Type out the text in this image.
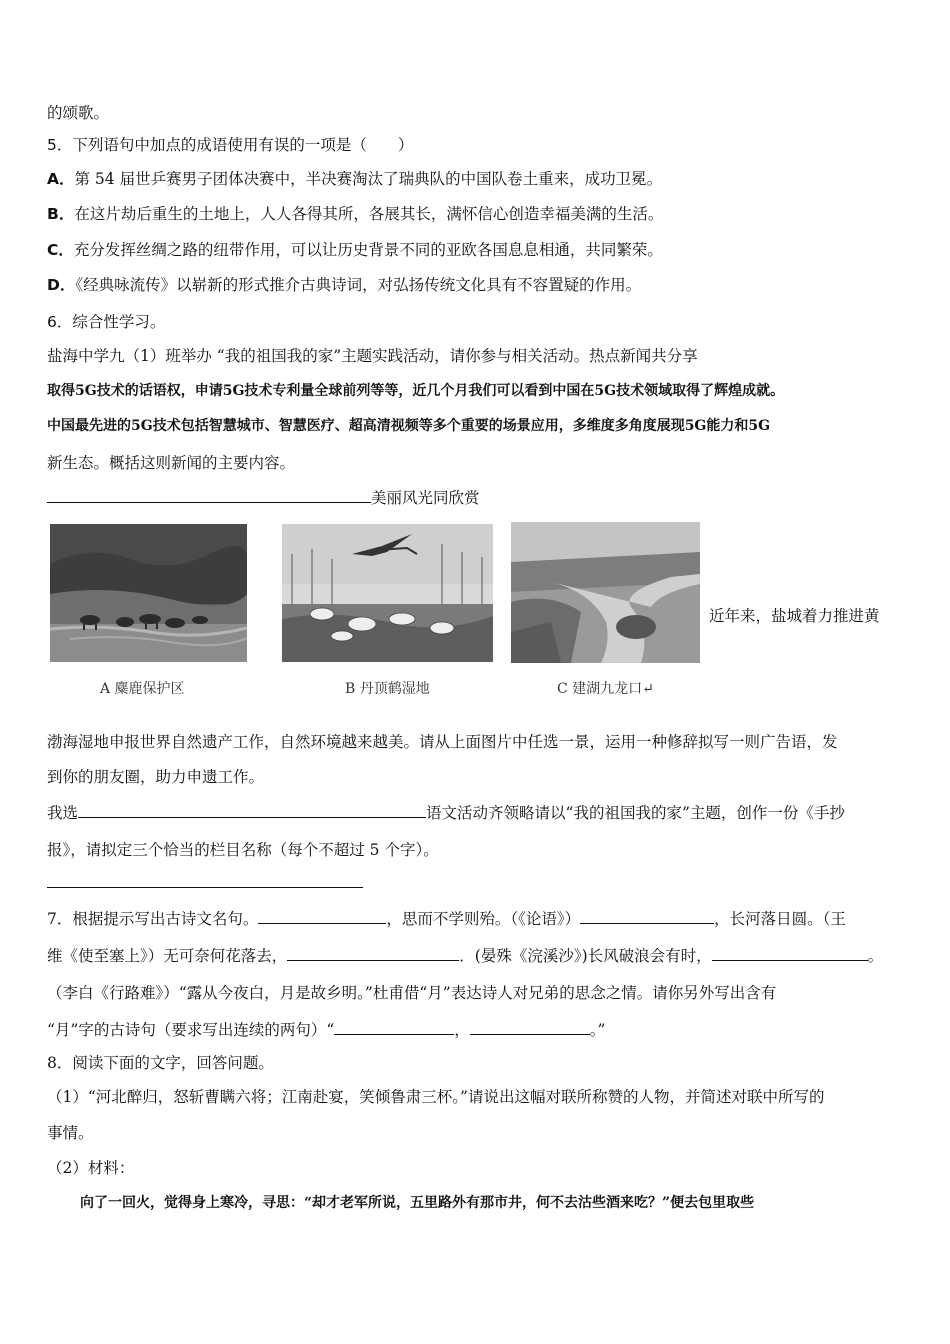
的颂歌。
5．下列语句中加点的成语使用有误的一项是（　　）
A．第 54 届世乒赛男子团体决赛中，半决赛淘汰了瑞典队的中国队卷土重来，成功卫冕。
B．在这片劫后重生的土地上，人人各得其所，各展其长，满怀信心创造幸福美满的生活。
C．充分发挥丝绸之路的纽带作用，可以让历史背景不同的亚欧各国息息相通，共同繁荣。
D．《经典咏流传》以崭新的形式推介古典诗词，对弘扬传统文化具有不容置疑的作用。
6．综合性学习。
盐海中学九（1）班举办 “我的祖国我的家”主题实践活动，请你参与相关活动。热点新闻共分享
取得5G技术的话语权，申请5G技术专利量全球前列等等，近几个月我们可以看到中国在5G技术领域取得了辉煌成就。
中国最先进的5G技术包括智慧城市、智慧医疗、超高清视频等多个重要的场景应用，多维度多角度展现5G能力和5G
新生态。概括这则新闻的主要内容。
美丽风光同欣赏
A 麋鹿保护区	B 丹顶鹤湿地	C 建湖九龙口↵
近年来，盐城着力推进黄
渤海湿地申报世界自然遗产工作，自然环境越来越美。请从上面图片中任选一景，运用一种修辞拟写一则广告语，发
到你的朋友圈，助力申遗工作。
我选	语文活动齐领略请以“我的祖国我的家”主题，创作一份《手抄
报》，请拟定三个恰当的栏目名称（每个不超过 5 个字）。
7．根据提示写出古诗文名句。	，思而不学则殆。（《论语》）	，长河落日圆。（王
维《使至塞上》）无可奈何花落去，	．(晏殊《浣溪沙》)长风破浪会有时，	。
（李白《行路难》）“露从今夜白，月是故乡明。”杜甫借“月”表达诗人对兄弟的思念之情。请你另外写出含有
“月”字的古诗句（要求写出连续的两句）“	，	。”
8．阅读下面的文字，回答问题。
（1）“河北醉归，怒斩曹瞒六将；江南赴宴，笑倾鲁肃三杯。”请说出这幅对联所称赞的人物，并简述对联中所写的
事情。
（2）材料：
向了一回火，觉得身上寒冷，寻思：“却才老军所说，五里路外有那市井，何不去沽些酒来吃？”便去包里取些
